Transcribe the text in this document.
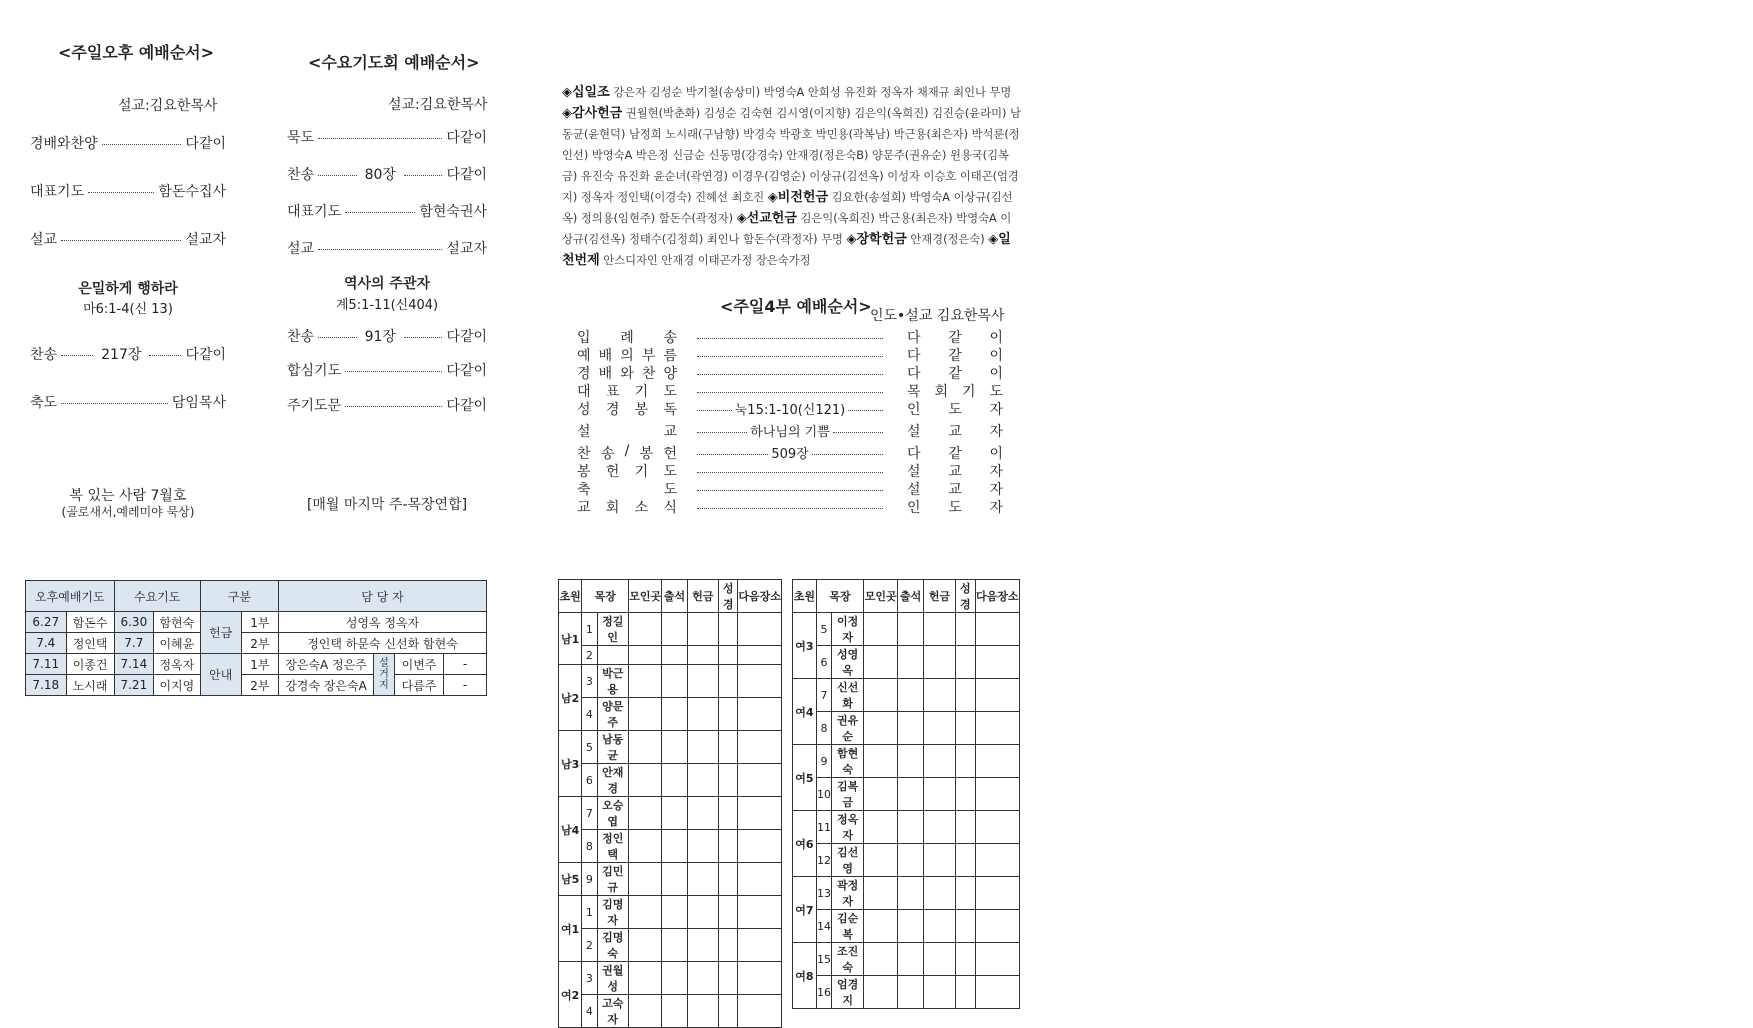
<주일오후 예배순서>
설교:김요한목사
경배와찬양	다같이
대표기도	함돈수집사
설교	설교자
은밀하게 행하라
마6:1-4(신 13)
찬송	217장	다같이
축도	담임목사
복 있는 사람 7월호
(골로새서,예레미야 묵상)
<수요기도회 예배순서>
설교:김요한목사
묵도	다같이
찬송	80장	다같이
대표기도	함현숙권사
설교	설교자
역사의 주관자
계5:1-11(신404)
찬송	91장	다같이
합심기도	다같이
주기도문	다같이
[매월 마지막 주-목장연합]
◈십일조 강은자 김성순 박기철(송상미) 박영숙A 안희성 유진화 정옥자 채재규 최인나 무명
◈감사헌금 권월현(박춘화) 김성순 김숙현 김시영(이지향) 김은익(옥희진) 김진승(윤라미) 남동균(윤현덕) 남정희 노시래(구남향) 박경숙 박광호 박민용(곽복남) 박근용(최은자) 박석룬(정인선) 박영숙A 박은정 신금순 신동명(강경숙) 안재경(정은숙B) 양문주(권유순) 윈용국(김복금) 유진숙 유진화 윤순녀(곽연경) 이경우(김영순) 이상규(김선옥) 이성자 이승호 이태곤(엄경지) 정옥자 정인택(이경숙) 진혜선 최호진 ◈비전헌금 김요한(송설희) 박영숙A 이상규(김선옥) 정의용(임현주) 함돈수(곽정자) ◈선교헌금 김은익(옥희진) 박근용(최은자) 박영숙A 이상규(김선옥) 정태수(김정희) 최인나 함돈수(곽정자) 무명 ◈장학헌금 안재경(정은숙) ◈일천번제 안스디자인 안재경 이태곤가정 장은숙가정
<주일4부 예배순서>
인도•설교 김요한목사
입 례 송	다 같 이
예 배 의 부 름	다 같 이
경 배 와 찬 양	다 같 이
대 표 기 도	목 회 기 도
성 경 봉 독	눅15:1-10(신121)	인 도 자
설	교	하나님의 기쁨	설 교 자
찬 송 / 봉 헌	509장	다 같 이
봉 헌 기 도	설 교 자
축	도	설 교 자
교 회 소 식	인 도 자
오후예배기도		수요기도		구분		담 당 자			
6.27	함돈수	6.30	함현숙	헌금	1부	성영옥 정옥자			
7.4	정인택	7.7	이혜윤		2부	정인택 하문숙 신선화 함현숙			
7.11	이종건	7.14	정옥자	안내	1부	장은숙A 정은주	설거지	이변주	-
7.18	노시래	7.21	이지영		2부	강경숙 장은숙A		다름주	-
초원	목장		모인곳	출석	헌금	성경	다음장소
남1	1	정길인					
	2						
남2	3	박근용					
	4	양문주					
남3	5	남동균					
	6	안재경					
남4	7	오승엽					
	8	정인택					
남5	9	김민규					
여1	1	김명자					
	2	김명숙					
여2	3	권월성					
	4	고숙자					
초원	목장		모인곳	출석	헌금	성경	다음장소
여3	5	이정자					
	6	성영옥					
여4	7	신선화					
	8	권유순					
여5	9	함현숙					
	10	김복금					
여6	11	정옥자					
	12	김선영					
여7	13	곽정자					
	14	김순복					
여8	15	조진숙					
	16	엄경지					
